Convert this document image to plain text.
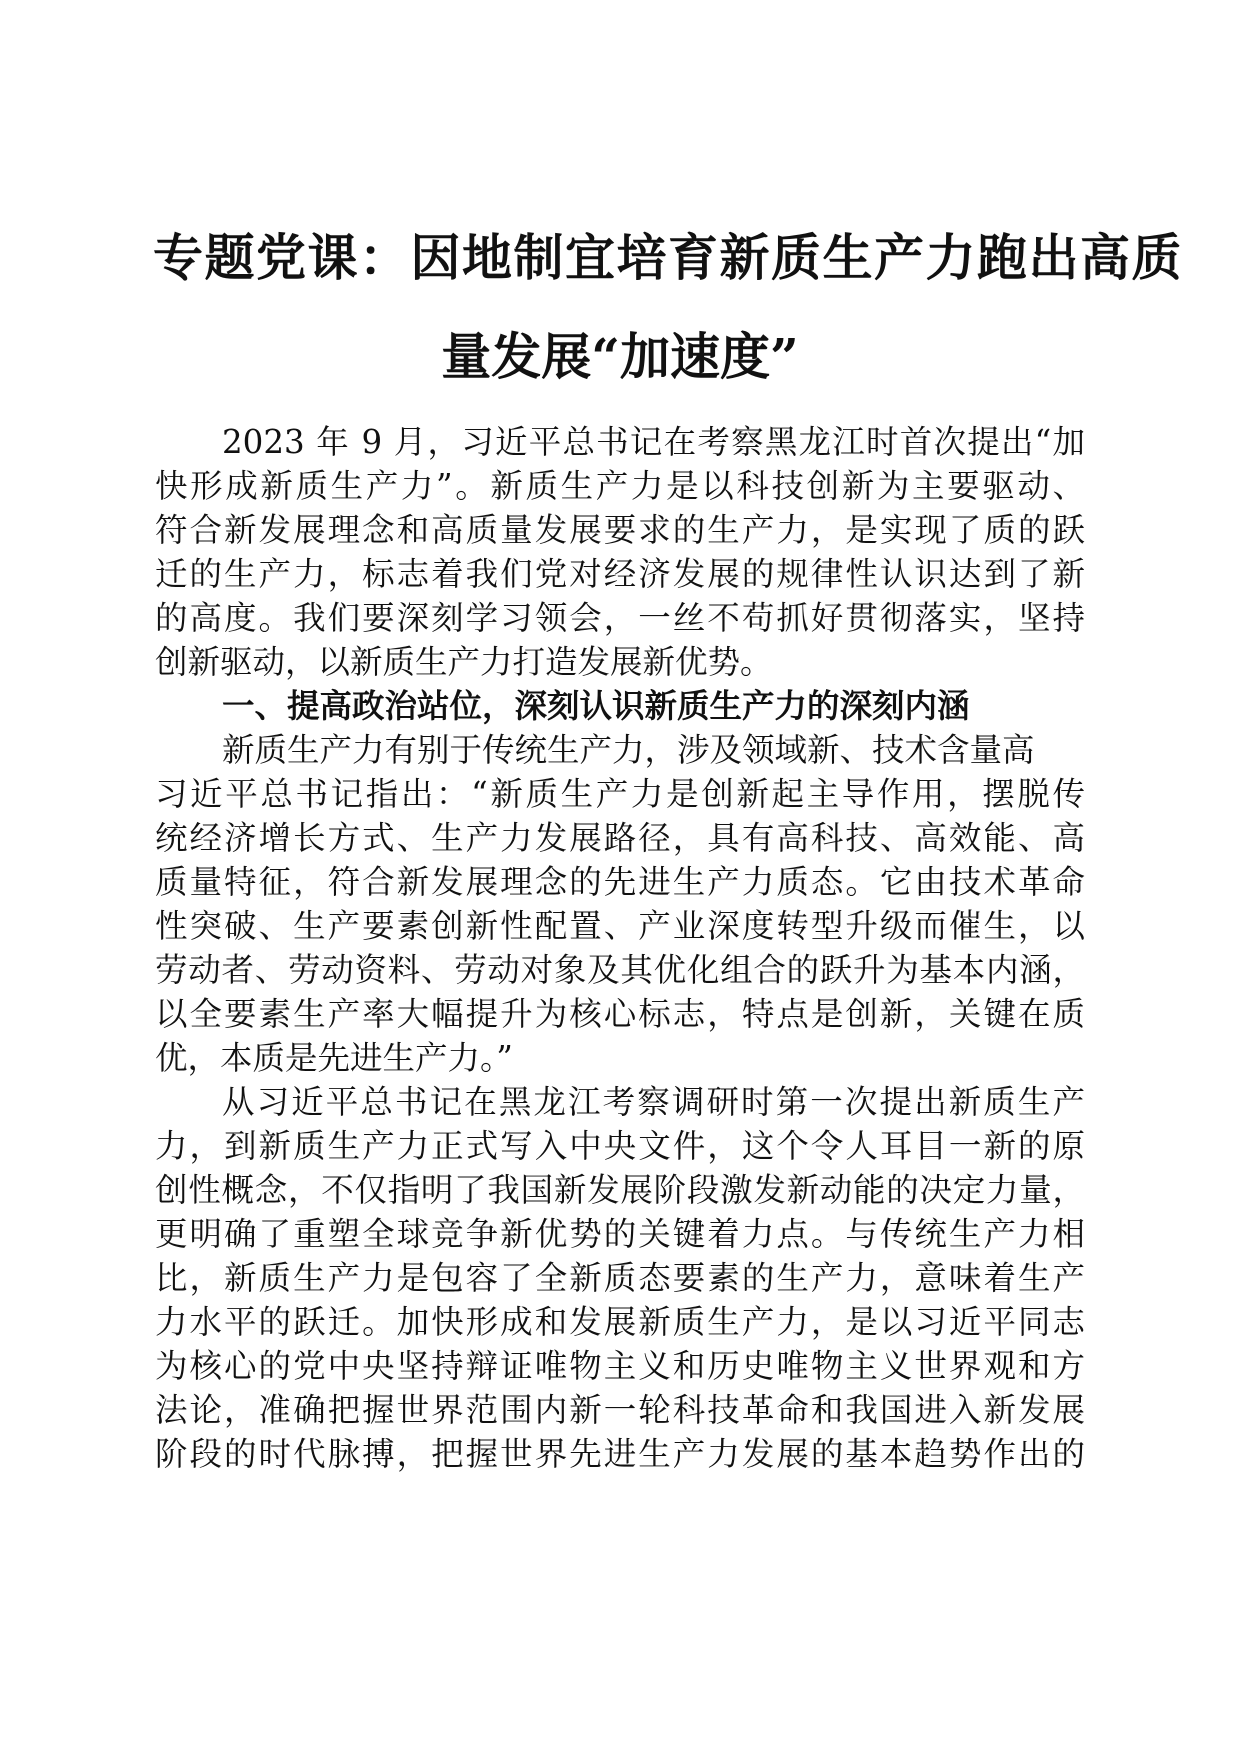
专题党课：因地制宜培育新质生产力跑出高质
量发展“加速度”
2023 年 9 月，习近平总书记在考察黑龙江时首次提出“加
快形成新质生产力”。新质生产力是以科技创新为主要驱动、
符合新发展理念和高质量发展要求的生产力，是实现了质的跃
迁的生产力，标志着我们党对经济发展的规律性认识达到了新
的高度。我们要深刻学习领会，一丝不苟抓好贯彻落实，坚持
创新驱动，以新质生产力打造发展新优势。
一、提高政治站位，深刻认识新质生产力的深刻内涵
新质生产力有别于传统生产力，涉及领域新、技术含量高
习近平总书记指出：“新质生产力是创新起主导作用，摆脱传
统经济增长方式、生产力发展路径，具有高科技、高效能、高
质量特征，符合新发展理念的先进生产力质态。它由技术革命
性突破、生产要素创新性配置、产业深度转型升级而催生，以
劳动者、劳动资料、劳动对象及其优化组合的跃升为基本内涵，
以全要素生产率大幅提升为核心标志，特点是创新，关键在质
优，本质是先进生产力。”
从习近平总书记在黑龙江考察调研时第一次提出新质生产
力，到新质生产力正式写入中央文件，这个令人耳目一新的原
创性概念，不仅指明了我国新发展阶段激发新动能的决定力量，
更明确了重塑全球竞争新优势的关键着力点。与传统生产力相
比，新质生产力是包容了全新质态要素的生产力，意味着生产
力水平的跃迁。加快形成和发展新质生产力，是以习近平同志
为核心的党中央坚持辩证唯物主义和历史唯物主义世界观和方
法论，准确把握世界范围内新一轮科技革命和我国进入新发展
阶段的时代脉搏，把握世界先进生产力发展的基本趋势作出的
